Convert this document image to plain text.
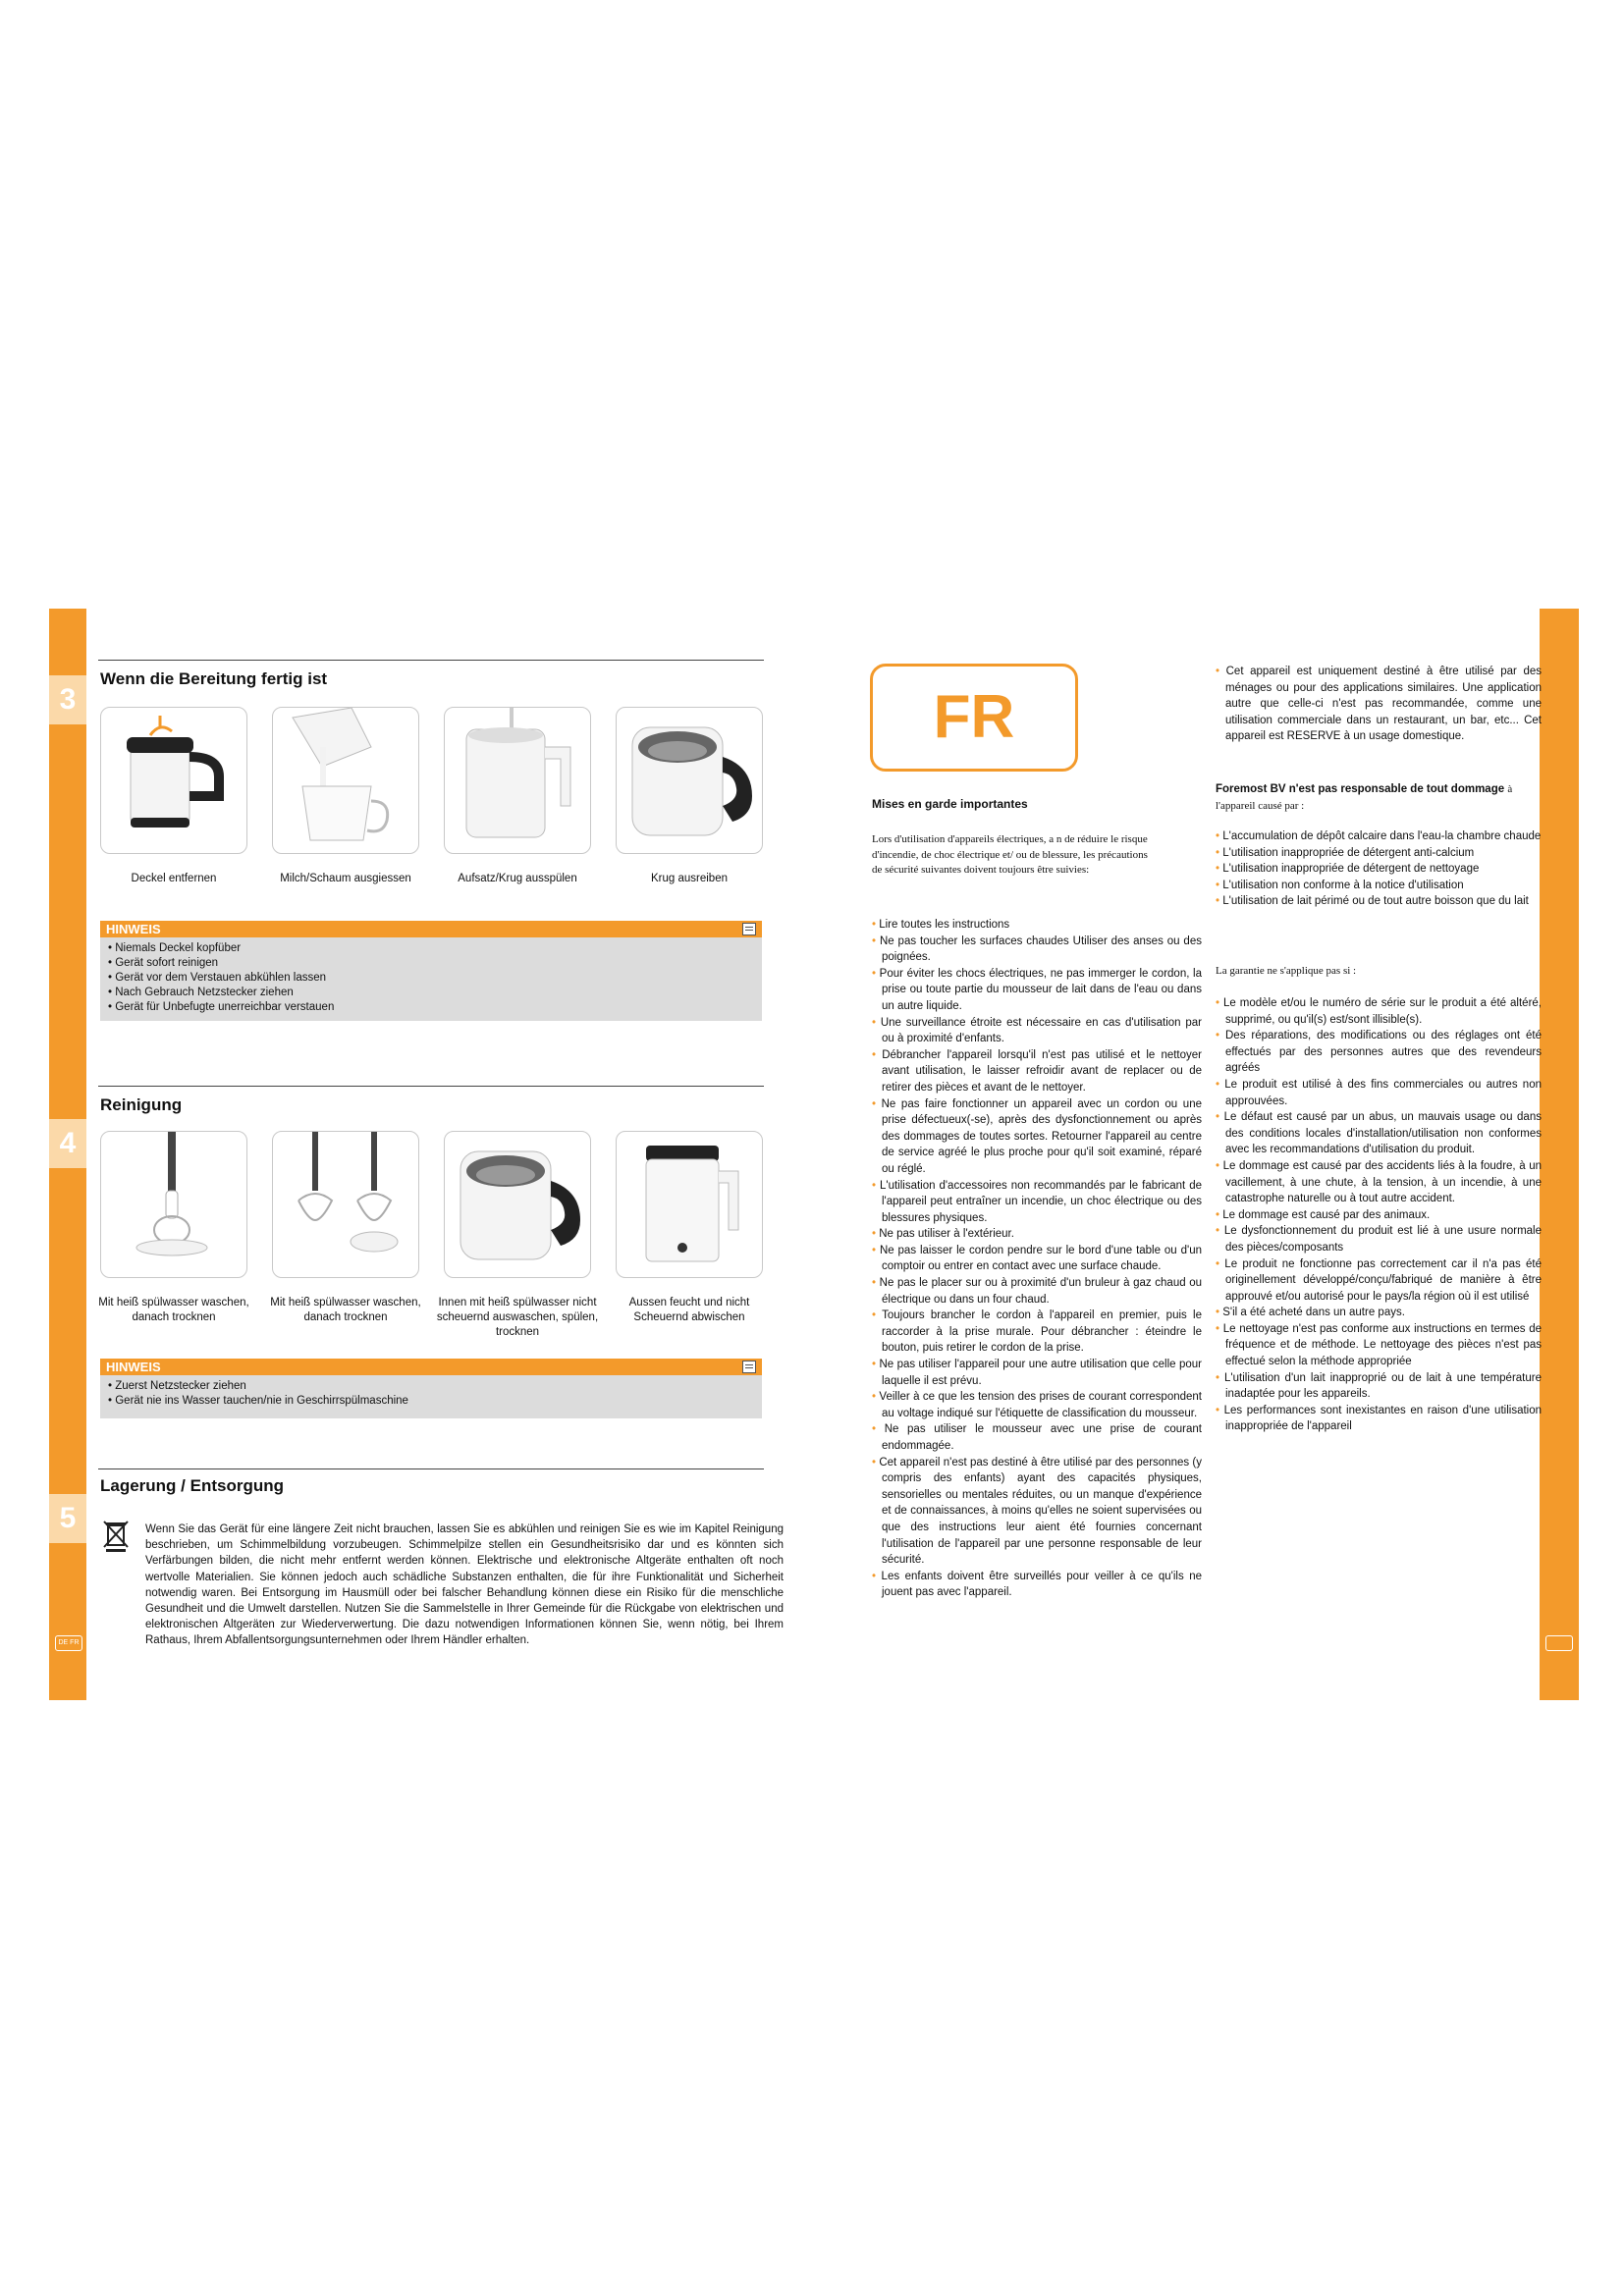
3
Wenn die Bereitung fertig ist
Deckel entfernen	Milch/Schaum ausgiessen	Aufsatz/Krug ausspülen	Krug ausreiben
HINWEIS
• Niemals Deckel kopfüber
• Gerät sofort reinigen
• Gerät vor dem Verstauen abkühlen lassen
• Nach Gebrauch Netzstecker ziehen
• Gerät für Unbefugte unerreichbar verstauen
4
Reinigung
Mit heiß spülwasser waschen, danach trocknen
Mit heiß spülwasser waschen, danach trocknen
Innen mit heiß spülwasser nicht scheuernd auswaschen, spülen, trocknen
Aussen feucht und nicht Scheuernd abwischen
HINWEIS
• Zuerst Netzstecker ziehen
• Gerät nie ins Wasser tauchen/nie in Geschirrspülmaschine
5
Lagerung / Entsorgung
Wenn Sie das Gerät für eine längere Zeit nicht brauchen, lassen Sie es abkühlen und reinigen Sie es wie im Kapitel Reinigung beschrieben, um Schimmelbildung vorzubeugen. Schimmelpilze stellen ein Gesundheitsrisiko dar und es könnten sich Verfärbungen bilden, die nicht mehr entfernt werden können. Elektrische und elektronische Altgeräte enthalten oft noch wertvolle Materialien. Sie können jedoch auch schädliche Substanzen enthalten, die für ihre Funktionalität und Sicherheit notwendig waren. Bei Entsorgung im Hausmüll oder bei falscher Behandlung können diese ein Risiko für die menschliche Gesundheit und die Umwelt darstellen. Nutzen Sie die Sammelstelle in Ihrer Gemeinde für die Rückgabe von elektrischen und elektronischen Altgeräten zur Wiederverwertung. Die dazu notwendigen Informationen können Sie, wenn nötig, bei Ihrem Rathaus, Ihrem Abfallentsorgungsunternehmen oder Ihrem Händler erhalten.
DE FR
FR
Mises en garde importantes
Lors d'utilisation d'appareils électriques, a n de réduire le risque d'incendie, de choc électrique et/ ou de blessure, les précautions de sécurité suivantes doivent toujours être suivies:
• Lire toutes les instructions
• Ne pas toucher les surfaces chaudes Utiliser des anses ou des poignées.
• Pour éviter les chocs électriques, ne pas immerger le cordon, la prise ou toute partie du mousseur de lait dans de l'eau ou dans un autre liquide.
• Une surveillance étroite est nécessaire en cas d'utilisation par ou à proximité d'enfants.
• Débrancher l'appareil lorsqu'il n'est pas utilisé et le nettoyer avant utilisation, le laisser refroidir avant de replacer ou de retirer des pièces et avant de le nettoyer.
• Ne pas faire fonctionner un appareil avec un cordon ou une prise défectueux(-se), après des dysfonctionnement ou après des dommages de toutes sortes. Retourner l'appareil au centre de service agréé le plus proche pour qu'il soit examiné, réparé ou réglé.
• L'utilisation d'accessoires non recommandés par le fabricant de l'appareil peut entraîner un incendie, un choc électrique ou des blessures physiques.
• Ne pas utiliser à l'extérieur.
• Ne pas laisser le cordon pendre sur le bord d'une table ou d'un comptoir ou entrer en contact avec une surface chaude.
• Ne pas le placer sur ou à proximité d'un bruleur à gaz chaud ou électrique ou dans un four chaud.
• Toujours brancher le cordon à l'appareil en premier, puis le raccorder à la prise murale. Pour débrancher : éteindre le bouton, puis retirer le cordon de la prise.
• Ne pas utiliser l'appareil pour une autre utilisation que celle pour laquelle il est prévu.
• Veiller à ce que les tension des prises de courant correspondent au voltage indiqué sur l'étiquette de classification du mousseur.
• Ne pas utiliser le mousseur avec une prise de courant endommagée.
• Cet appareil n'est pas destiné à être utilisé par des personnes (y compris des enfants) ayant des capacités physiques, sensorielles ou mentales réduites, ou un manque d'expérience et de connaissances, à moins qu'elles ne soient supervisées ou que des instructions leur aient été fournies concernant l'utilisation de l'appareil par une personne responsable de leur sécurité.
• Les enfants doivent être surveillés pour veiller à ce qu'ils ne jouent pas avec l'appareil.
• Cet appareil est uniquement destiné à être utilisé par des ménages ou pour des applications similaires. Une application autre que celle-ci n'est pas recommandée, comme une utilisation commerciale dans un restaurant, un bar, etc... Cet appareil est RESERVE à un usage domestique.
Foremost BV n'est pas responsable de tout dommage à l'appareil causé par :
• L'accumulation de dépôt calcaire dans l'eau-la chambre chaude
• L'utilisation inappropriée de détergent anti-calcium
• L'utilisation inappropriée de détergent de nettoyage
• L'utilisation non conforme à la notice d'utilisation
• L'utilisation de lait périmé ou de tout autre boisson que du lait
La garantie ne s'applique pas si :
• Le modèle et/ou le numéro de série sur le produit a été altéré, supprimé, ou qu'il(s) est/sont illisible(s).
• Des réparations, des modifications ou des réglages ont été effectués par des personnes autres que des revendeurs agréés
• Le produit est utilisé à des fins commerciales ou autres non approuvées.
• Le défaut est causé par un abus, un mauvais usage ou dans des conditions locales d'installation/utilisation non conformes avec les recommandations d'utilisation du produit.
• Le dommage est causé par des accidents liés à la foudre, à un vacillement, à une chute, à la tension, à un incendie, à une catastrophe naturelle ou à tout autre accident.
• Le dommage est causé par des animaux.
• Le dysfonctionnement du produit est lié à une usure normale des pièces/composants
• Le produit ne fonctionne pas correctement car il n'a pas été originellement développé/conçu/fabriqué de manière à être approuvé et/ou autorisé pour le pays/la région où il est utilisé
• S'il a été acheté dans un autre pays.
• Le nettoyage n'est pas conforme aux instructions en termes de fréquence et de méthode. Le nettoyage des pièces n'est pas effectué selon la méthode appropriée
• L'utilisation d'un lait inapproprié ou de lait à une température inadaptée pour les appareils.
• Les performances sont inexistantes en raison d'une utilisation inappropriée de l'appareil
